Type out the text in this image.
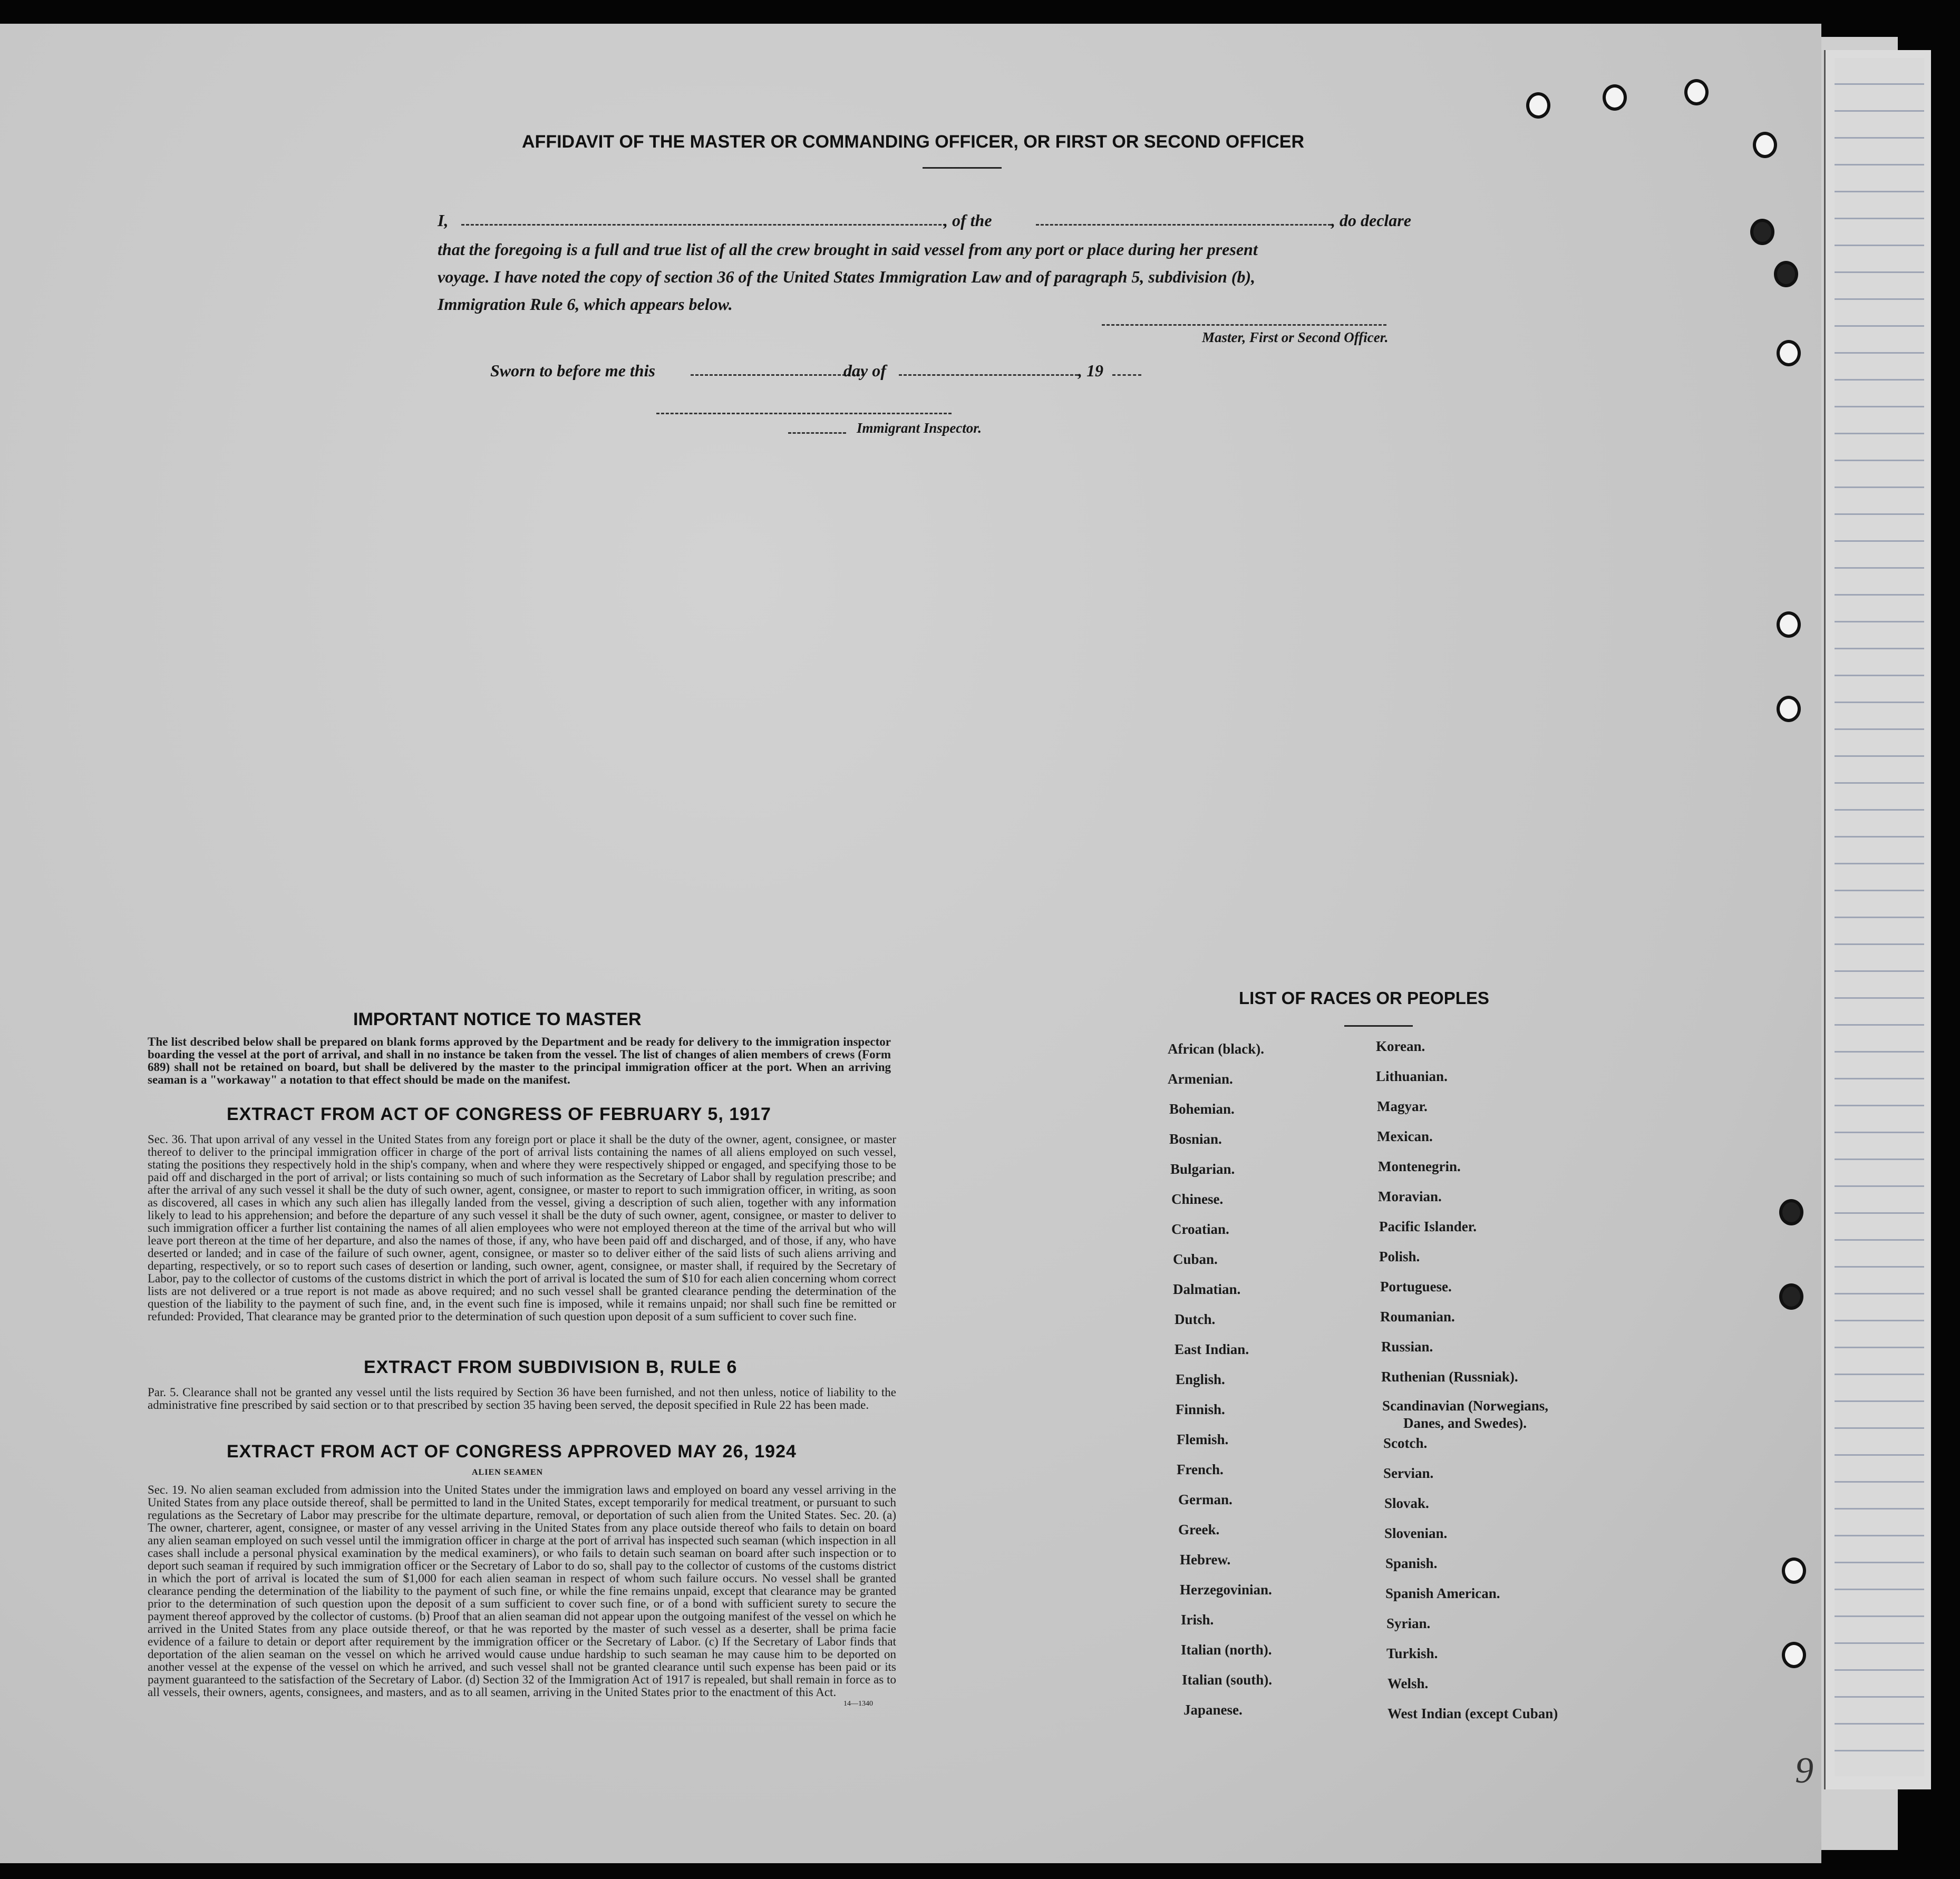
AFFIDAVIT OF THE MASTER OR COMMANDING OFFICER, OR FIRST OR SECOND OFFICER
I,	, of the	, do declare
that the foregoing is a full and true list of all the crew brought in said vessel from any port or place during her present
voyage. I have noted the copy of section 36 of the United States Immigration Law and of paragraph 5, subdivision (b),
Immigration Rule 6, which appears below.
Master, First or Second Officer.
Sworn to before me this	day of	, 19
Immigrant Inspector.
IMPORTANT NOTICE TO MASTER
The list described below shall be prepared on blank forms approved by the Department and be ready for delivery to the immigration inspector boarding the vessel at the port of arrival, and shall in no instance be taken from the vessel. The list of changes of alien members of crews (Form 689) shall not be retained on board, but shall be delivered by the master to the principal immigration officer at the port. When an arriving seaman is a "workaway" a notation to that effect should be made on the manifest.
EXTRACT FROM ACT OF CONGRESS OF FEBRUARY 5, 1917
Sec. 36. That upon arrival of any vessel in the United States from any foreign port or place it shall be the duty of the owner, agent, consignee, or master thereof to deliver to the principal immigration officer in charge of the port of arrival lists containing the names of all aliens employed on such vessel, stating the positions they respectively hold in the ship's company, when and where they were respectively shipped or engaged, and specifying those to be paid off and discharged in the port of arrival; or lists containing so much of such information as the Secretary of Labor shall by regulation prescribe; and after the arrival of any such vessel it shall be the duty of such owner, agent, consignee, or master to report to such immigration officer, in writing, as soon as discovered, all cases in which any such alien has illegally landed from the vessel, giving a description of such alien, together with any information likely to lead to his apprehension; and before the departure of any such vessel it shall be the duty of such owner, agent, consignee, or master to deliver to such immigration officer a further list containing the names of all alien employees who were not employed thereon at the time of the arrival but who will leave port thereon at the time of her departure, and also the names of those, if any, who have been paid off and discharged, and of those, if any, who have deserted or landed; and in case of the failure of such owner, agent, consignee, or master so to deliver either of the said lists of such aliens arriving and departing, respectively, or so to report such cases of desertion or landing, such owner, agent, consignee, or master shall, if required by the Secretary of Labor, pay to the collector of customs of the customs district in which the port of arrival is located the sum of $10 for each alien concerning whom correct lists are not delivered or a true report is not made as above required; and no such vessel shall be granted clearance pending the determination of the question of the liability to the payment of such fine, and, in the event such fine is imposed, while it remains unpaid; nor shall such fine be remitted or refunded: Provided, That clearance may be granted prior to the determination of such question upon deposit of a sum sufficient to cover such fine.
EXTRACT FROM SUBDIVISION B, RULE 6
Par. 5. Clearance shall not be granted any vessel until the lists required by Section 36 have been furnished, and not then unless, notice of liability to the administrative fine prescribed by said section or to that prescribed by section 35 having been served, the deposit specified in Rule 22 has been made.
EXTRACT FROM ACT OF CONGRESS APPROVED MAY 26, 1924
ALIEN SEAMEN
Sec. 19. No alien seaman excluded from admission into the United States under the immigration laws and employed on board any vessel arriving in the United States from any place outside thereof, shall be permitted to land in the United States, except temporarily for medical treatment, or pursuant to such regulations as the Secretary of Labor may prescribe for the ultimate departure, removal, or deportation of such alien from the United States. Sec. 20. (a) The owner, charterer, agent, consignee, or master of any vessel arriving in the United States from any place outside thereof who fails to detain on board any alien seaman employed on such vessel until the immigration officer in charge at the port of arrival has inspected such seaman (which inspection in all cases shall include a personal physical examination by the medical examiners), or who fails to detain such seaman on board after such inspection or to deport such seaman if required by such immigration officer or the Secretary of Labor to do so, shall pay to the collector of customs of the customs district in which the port of arrival is located the sum of $1,000 for each alien seaman in respect of whom such failure occurs. No vessel shall be granted clearance pending the determination of the liability to the payment of such fine, or while the fine remains unpaid, except that clearance may be granted prior to the determination of such question upon the deposit of a sum sufficient to cover such fine, or of a bond with sufficient surety to secure the payment thereof approved by the collector of customs. (b) Proof that an alien seaman did not appear upon the outgoing manifest of the vessel on which he arrived in the United States from any place outside thereof, or that he was reported by the master of such vessel as a deserter, shall be prima facie evidence of a failure to detain or deport after requirement by the immigration officer or the Secretary of Labor. (c) If the Secretary of Labor finds that deportation of the alien seaman on the vessel on which he arrived would cause undue hardship to such seaman he may cause him to be deported on another vessel at the expense of the vessel on which he arrived, and such vessel shall not be granted clearance until such expense has been paid or its payment guaranteed to the satisfaction of the Secretary of Labor. (d) Section 32 of the Immigration Act of 1917 is repealed, but shall remain in force as to all vessels, their owners, agents, consignees, and masters, and as to all seamen, arriving in the United States prior to the enactment of this Act.
14—1340
LIST OF RACES OR PEOPLES
African (black).
Armenian.
Bohemian.
Bosnian.
Bulgarian.
Chinese.
Croatian.
Cuban.
Dalmatian.
Dutch.
East Indian.
English.
Finnish.
Flemish.
French.
German.
Greek.
Hebrew.
Herzegovinian.
Irish.
Italian (north).
Italian (south).
Japanese.
Korean.
Lithuanian.
Magyar.
Mexican.
Montenegrin.
Moravian.
Pacific Islander.
Polish.
Portuguese.
Roumanian.
Russian.
Ruthenian (Russniak).
Scandinavian (Norwegians,
Danes, and Swedes).
Scotch.
Servian.
Slovak.
Slovenian.
Spanish.
Spanish American.
Syrian.
Turkish.
Welsh.
West Indian (except Cuban)
9
